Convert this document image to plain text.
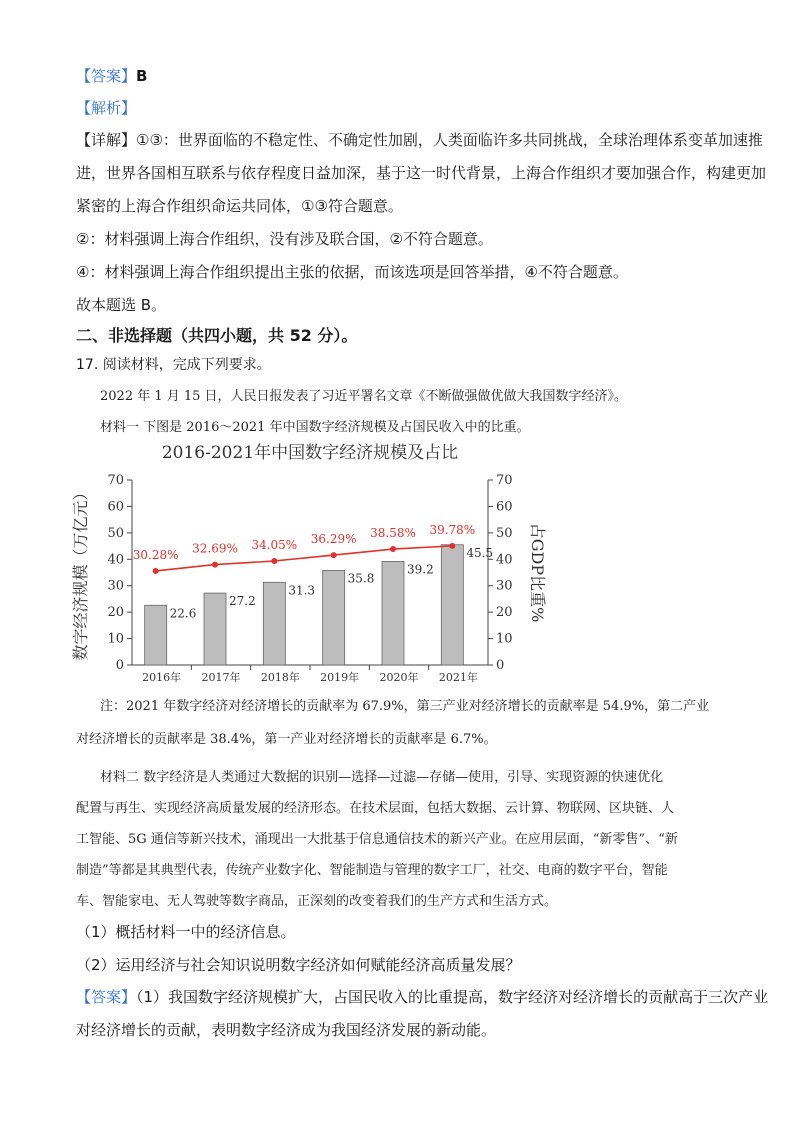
【答案】B
【解析】
【详解】①③：世界面临的不稳定性、不确定性加剧，人类面临许多共同挑战，全球治理体系变革加速推
进，世界各国相互联系与依存程度日益加深，基于这一时代背景，上海合作组织才要加强合作，构建更加
紧密的上海合作组织命运共同体，①③符合题意。
②：材料强调上海合作组织，没有涉及联合国，②不符合题意。
④：材料强调上海合作组织提出主张的依据，而该选项是回答举措，④不符合题意。
故本题选 B。
二、非选择题（共四小题，共 52 分）。
17. 阅读材料，完成下列要求。
2022 年 1 月 15 日，人民日报发表了习近平署名文章《不断做强做优做大我国数字经济》。
材料一 下图是 2016～2021 年中国数字经济规模及占国民收入中的比重。
2016-2021年中国数字经济规模及占比
0	0
10	10
20	20
30	30
40	40
50	50
60	60
70	70
2016年 2017年 2018年 2019年 2020年 2021年
22.6
27.2
31.3
35.8
39.2
45.5
30.28% 32.69% 34.05% 36.29% 38.58% 39.78%
数字经济规模（万亿元）	占GDP比重%
注：2021 年数字经济对经济增长的贡献率为 67.9%，第三产业对经济增长的贡献率是 54.9%，第二产业
对经济增长的贡献率是 38.4%，第一产业对经济增长的贡献率是 6.7%。
材料二 数字经济是人类通过大数据的识别—选择—过滤—存储—使用，引导、实现资源的快速优化
配置与再生、实现经济高质量发展的经济形态。在技术层面，包括大数据、云计算、物联网、区块链、人
工智能、5G 通信等新兴技术，涌现出一大批基于信息通信技术的新兴产业。在应用层面，“新零售”、“新
制造”等都是其典型代表，传统产业数字化、智能制造与管理的数字工厂，社交、电商的数字平台，智能
车、智能家电、无人驾驶等数字商品，正深刻的改变着我们的生产方式和生活方式。
（1）概括材料一中的经济信息。
（2）运用经济与社会知识说明数字经济如何赋能经济高质量发展？
【答案】（1）我国数字经济规模扩大，占国民收入的比重提高，数字经济对经济增长的贡献高于三次产业
对经济增长的贡献，表明数字经济成为我国经济发展的新动能。
